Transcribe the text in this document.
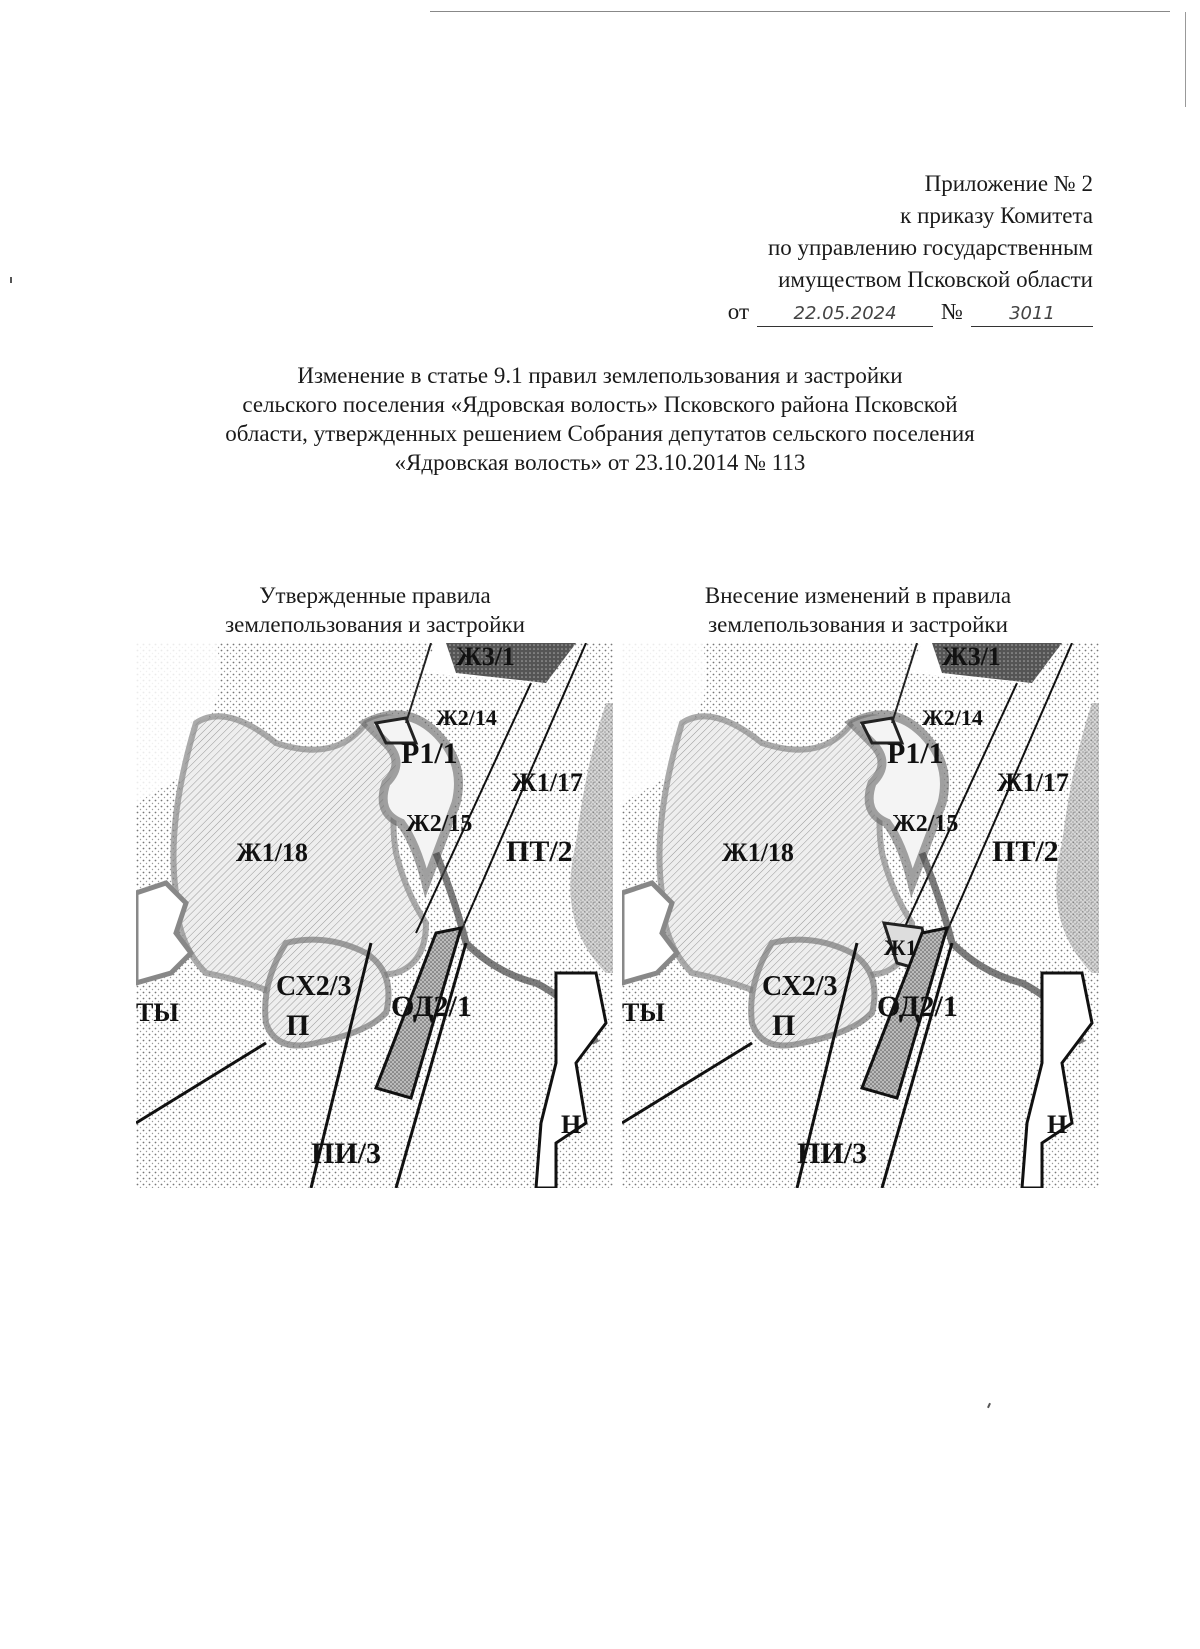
Приложение № 2
к приказу Комитета
по управлению государственным
имуществом Псковской области
от	22.05.2024	№	3011
Изменение в статье 9.1 правил землепользования и застройки
сельского поселения «Ядровская волость» Псковского района Псковской
области, утвержденных решением Собрания депутатов сельского поселения
«Ядровская волость» от 23.10.2014 № 113
Утвержденные правила
землепользования и застройки
Внесение изменений в правила
землепользования и застройки
Ж3/1
Ж2/14
Р1/1
Ж1/17
Ж2/15
ПТ/2
Ж1/18
СХ2/3
ОД2/1
ТЫ	П
ПИ/3
Н
Ж3/1
Ж2/14
Р1/1
Ж1/17
Ж2/15
ПТ/2
Ж1/18
Ж1
СХ2/3
ОД2/1
ТЫ	П
ПИ/3
Н
